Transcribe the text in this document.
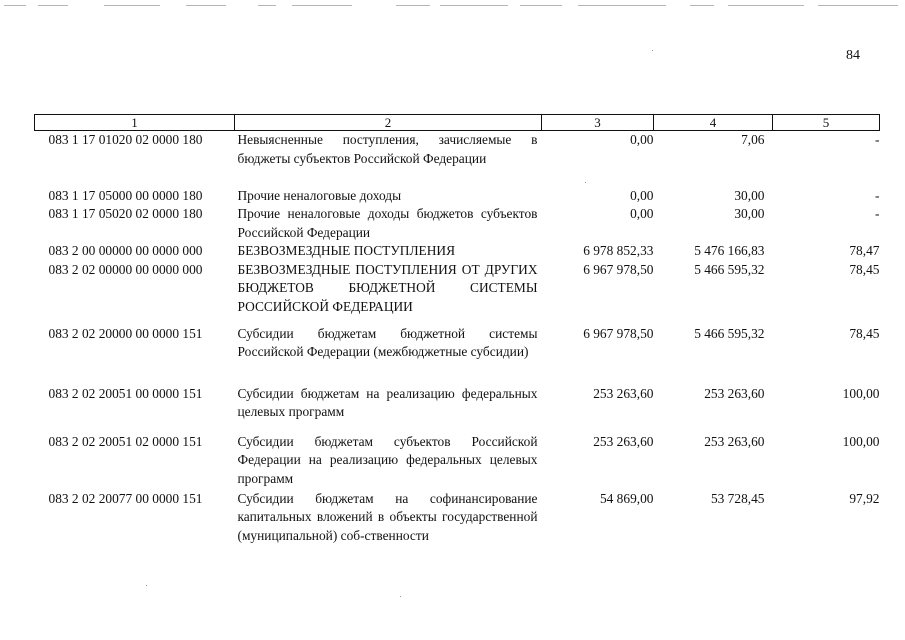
84
1	2	3	4	5
083 1 17 01020 02 0000 180	Невыясненные поступления, зачисляемые в бюджеты субъектов Российской Федерации	0,00	7,06	-
083 1 17 05000 00 0000 180	Прочие неналоговые доходы	0,00	30,00	-
083 1 17 05020 02 0000 180	Прочие неналоговые доходы бюджетов субъектов Российской Федерации	0,00	30,00	-
083 2 00 00000 00 0000 000	БЕЗВОЗМЕЗДНЫЕ ПОСТУПЛЕНИЯ	6 978 852,33	5 476 166,83	78,47
083 2 02 00000 00 0000 000	БЕЗВОЗМЕЗДНЫЕ ПОСТУПЛЕНИЯ ОТ ДРУГИХ БЮДЖЕТОВ БЮДЖЕТНОЙ СИСТЕМЫ РОССИЙСКОЙ ФЕДЕРАЦИИ	6 967 978,50	5 466 595,32	78,45
083 2 02 20000 00 0000 151	Субсидии бюджетам бюджетной системы Российской Федерации (межбюджетные субсидии)	6 967 978,50	5 466 595,32	78,45
083 2 02 20051 00 0000 151	Субсидии бюджетам на реализацию федеральных целевых программ	253 263,60	253 263,60	100,00
083 2 02 20051 02 0000 151	Субсидии бюджетам субъектов Российской Федерации на реализацию федеральных целевых программ	253 263,60	253 263,60	100,00
083 2 02 20077 00 0000 151	Субсидии бюджетам на софинансирование капитальных вложений в объекты государственной (муниципальной) соб-ственности	54 869,00	53 728,45	97,92
